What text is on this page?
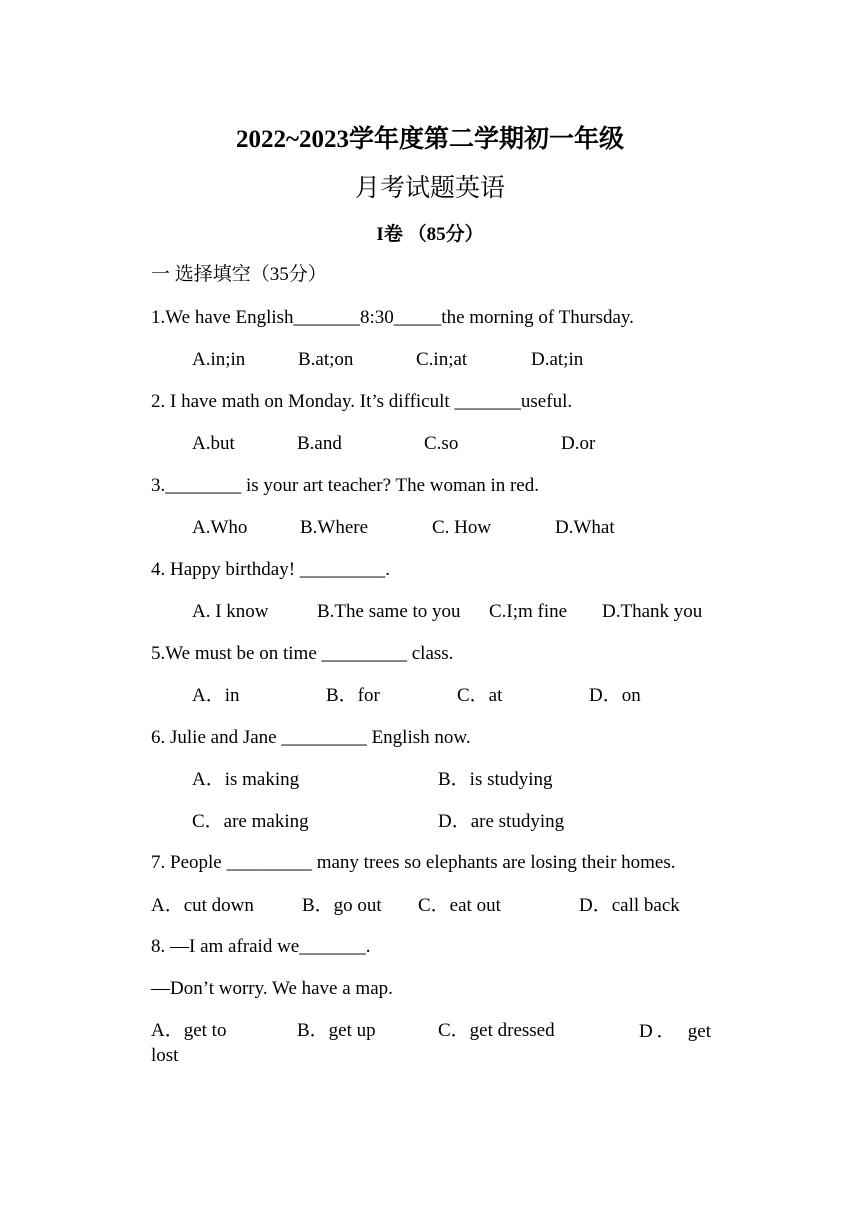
2022~2023学年度第二学期初一年级
月考试题英语
I卷 （85分）
一 选择填空（35分）
1.We have English_______8:30_____the morning of Thursday.
A.in;in	B.at;on	C.in;at	D.at;in
2. I have math on Monday. It’s difficult _______useful.
A.but	B.and	C.so	D.or
3.________ is your art teacher? The woman in red.
A.Who	B.Where	C. How	D.What
4. Happy birthday! _________.
A. I know	B.The same to you C.I;m fine D.Thank you
5.We must be on time _________ class.
A．in	B．for	C．at	D．on
6. Julie and Jane _________ English now.
A．is making	B．is studying
C．are making	D．are studying
7. People _________ many trees so elephants are losing their homes.
A．cut down	B．go out C．eat out	D．call back
8. —I am afraid we_______.
—Don’t worry. We have a map.
A．get to	B．get up	C．get dressed	D． get
lost
